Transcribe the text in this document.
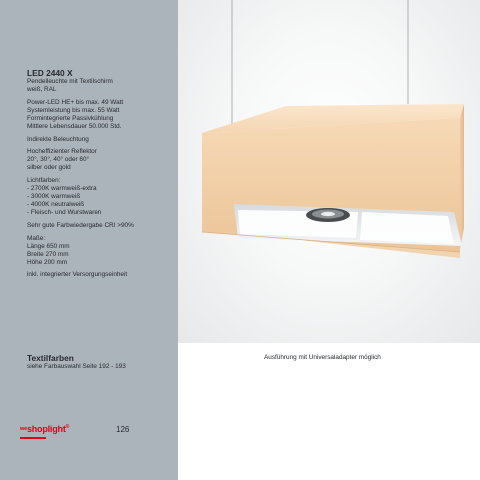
LED 2440 X
Pendelleuchte mit Textilschirm
weiß, RAL
Power-LED HE+ bis max. 49 Watt
Systemleistung bis max. 55 Watt
Formintegrierte Passivkühlung
Mittlere Lebensdauer 50.000 Std.
Indirekte Beleuchtung
Hocheffizienter Reflektor
20°, 30°, 40° oder 60°
silber oder gold
Lichtfarben:
- 2700K warmweiß-extra
- 3000K warmweiß
- 4000K neutralweiß
- Fleisch- und Wurstwaren
Sehr gute Farbwiedergabe CRI >90%
Maße:
Länge 650 mm
Breite 270 mm
Höhe 200 mm
inkl. integrierter Versorgungseinheit
Textilfarben
siehe Farbauswahl Seite 192 - 193
Ausführung mit Universaladapter möglich
$^{we}$shoplight®	126
